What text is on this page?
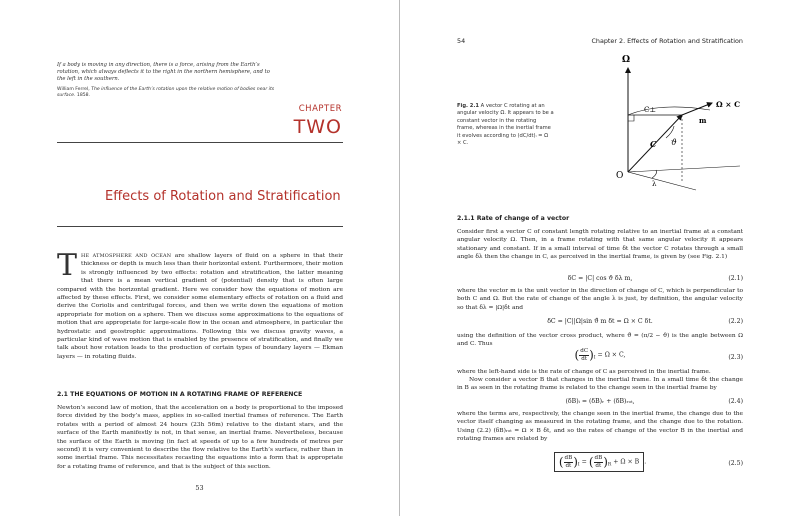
If a body is moving in any direction, there is a force, arising from the Earth’s rotation, which always deflects it to the right in the northern hemisphere, and to the left in the southern.

William Ferrel, The influence of the Earth’s rotation upon the relative motion of bodies near its surface. 1858.

CHAPTER
TWO
Effects of Rotation and Stratification
THE ATMOSPHERE AND OCEAN are shallow layers of fluid on a sphere in that their thickness or depth is much less than their horizontal extent. Furthermore, their motion is strongly influenced by two effects: rotation and stratification, the latter meaning that there is a mean vertical gradient of (potential) density that is often large compared with the horizontal gradient. Here we consider how the equations of motion are affected by these effects. First, we consider some elementary effects of rotation on a fluid and derive the Coriolis and centrifugal forces, and then we write down the equations of motion appropriate for motion on a sphere. Then we discuss some approximations to the equations of motion that are appropriate for large-scale flow in the ocean and atmosphere, in particular the hydrostatic and geostrophic approximations. Following this we discuss gravity waves, a particular kind of wave motion that is enabled by the presence of stratification, and finally we talk about how rotation leads to the production of certain types of boundary layers — Ekman layers — in rotating fluids.
2.1 THE EQUATIONS OF MOTION IN A ROTATING FRAME OF REFERENCE

Newton’s second law of motion, that the acceleration on a body is proportional to the imposed force divided by the body’s mass, applies in so-called inertial frames of reference. The Earth rotates with a period of almost 24 hours (23h 56m) relative to the distant stars, and the surface of the Earth manifestly is not, in that sense, an inertial frame. Nevertheless, because the surface of the Earth is moving (in fact at speeds of up to a few hundreds of metres per second) it is very convenient to describe the flow relative to the Earth’s surface, rather than in some inertial frame. This necessitates recasting the equations into a form that is appropriate for a rotating frame of reference, and that is the subject of this section.

53
54	Chapter 2. Effects of Rotation and Stratification

Fig. 2.1 A vector C rotating at an angular velocity Ω. It appears to be a constant vector in the rotating frame, whereas in the inertial frame it evolves according to (dC/dt)ᵢ = Ω × C.

Ω
C
C⊥
Ω × C
m
ϑ
λ
O
2.1.1 Rate of change of a vector

Consider first a vector C of constant length rotating relative to an inertial frame at a constant angular velocity Ω. Then, in a frame rotating with that same angular velocity it appears stationary and constant. If in a small interval of time δt the vector C rotates through a small angle δλ then the change in C, as perceived in the inertial frame, is given by (see Fig. 2.1)

δC = |C| cos ϑ δλ m,	(2.1)

where the vector m is the unit vector in the direction of change of C, which is perpendicular to both C and Ω. But the rate of change of the angle λ is just, by definition, the angular velocity so that δλ = |Ω|δt and

δC = |C||Ω|sin ϑ̂ m δt = Ω × C δt.	(2.2)

using the definition of the vector cross product, where ϑ̂ = (π/2 − ϑ) is the angle between Ω and C. Thus

( $\frac{dC}{dt} )_I = \Omega \times C$,	(2.3)

where the left-hand side is the rate of change of C as perceived in the inertial frame.

Now consider a vector B that changes in the inertial frame. In a small time δt the change in B as seen in the rotating frame is related to the change seen in the inertial frame by

(δB)ᵢ = (δB)ᵣ + (δB)ᵣₒₜ,	(2.4)

where the terms are, respectively, the change seen in the inertial frame, the change due to the vector itself changing as measured in the rotating frame, and the change due to the rotation. Using (2.2) (δB)ᵣₒₜ = Ω × B δt, and so the rates of change of the vector B in the inertial and rotating frames are related by

( $\frac{dB}{dt} )_I$ = ( $\frac{dB}{dt} )_R + \Omega \times B$ .	(2.5)
